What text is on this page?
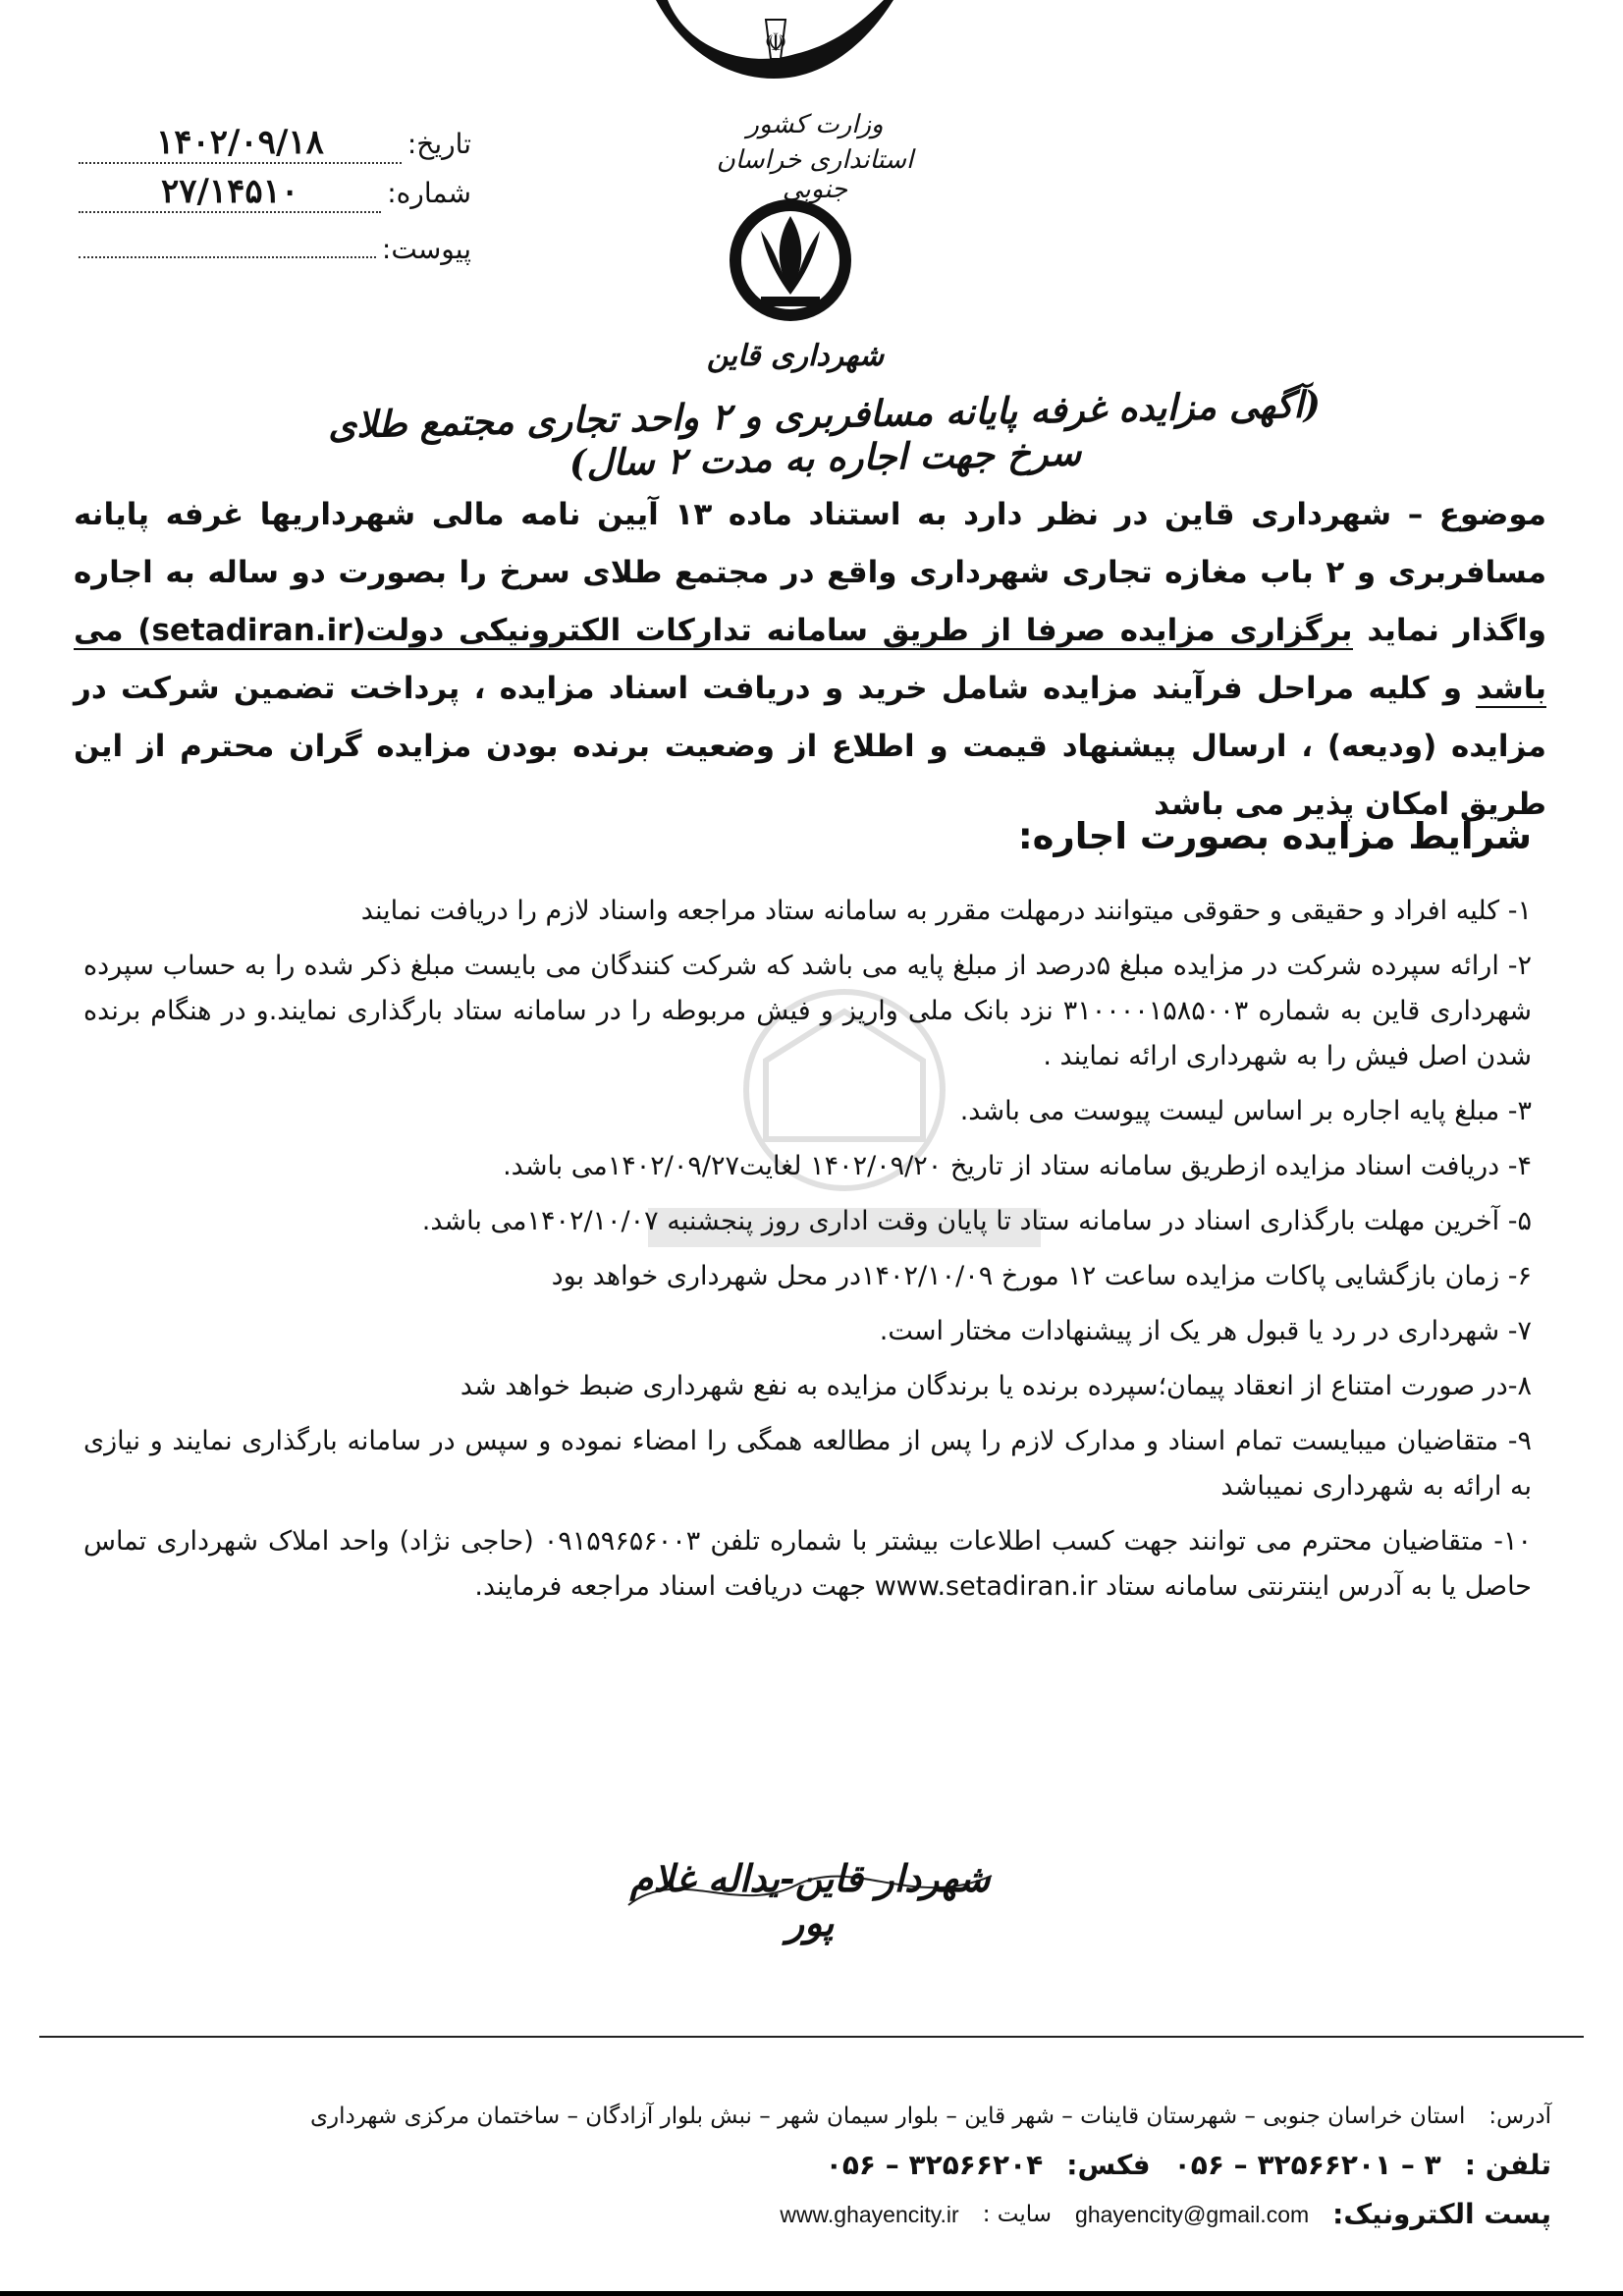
تاریخ:
۱۴۰۲/۰۹/۱۸
شماره:
۲۷/۱۴۵۱۰
پیوست:
☫
وزارت کشور
استانداری خراسان جنوبی
شهرداری قاین
(آگهی مزایده غرفه پایانه مسافربری و ۲ واحد تجاری مجتمع طلای سرخ جهت اجاره به مدت ۲ سال)
موضوع – شهرداری قاین در نظر دارد به استناد ماده ۱۳ آیین نامه مالی شهرداریها غرفه پایانه مسافربری و ۲ باب مغازه تجاری شهرداری واقع در مجتمع طلای سرخ را بصورت دو ساله به اجاره واگذار نماید برگزاری مزایده صرفا از طریق سامانه تدارکات الکترونیکی دولت(setadiran.ir) می باشد و کلیه مراحل فرآیند مزایده شامل خرید و دریافت اسناد مزایده ، پرداخت تضمین شرکت در مزایده (ودیعه) ، ارسال پیشنهاد قیمت و اطلاع از وضعیت برنده بودن مزایده گران محترم از این طریق امکان پذیر می باشد
شرایط مزایده بصورت اجاره:
۱- کلیه افراد و حقیقی و حقوقی میتوانند درمهلت مقرر به سامانه ستاد مراجعه واسناد لازم را دریافت نمایند
۲- ارائه سپرده شرکت در مزایده مبلغ ۵درصد از مبلغ پایه می باشد که شرکت کنندگان می بایست مبلغ ذکر شده را به حساب سپرده شهرداری قاین به شماره ۳۱۰۰۰۰۱۵۸۵۰۰۳ نزد بانک ملی واریز و فیش مربوطه را در سامانه ستاد بارگذاری نمایند.و در هنگام برنده شدن اصل فیش را به شهرداری ارائه نمایند .
۳- مبلغ پایه اجاره بر اساس لیست پیوست می باشد.
۴- دریافت اسناد مزایده ازطریق سامانه ستاد از تاریخ ۱۴۰۲/۰۹/۲۰ لغایت۱۴۰۲/۰۹/۲۷می باشد.
۵- آخرین مهلت بارگذاری اسناد در سامانه ستاد تا پایان وقت اداری روز پنجشنبه ۱۴۰۲/۱۰/۰۷می باشد.
۶- زمان بازگشایی پاکات مزایده ساعت ۱۲ مورخ ۱۴۰۲/۱۰/۰۹در محل شهرداری خواهد بود
۷- شهرداری در رد یا قبول هر یک از پیشنهادات مختار است.
۸-در صورت امتناع از انعقاد پیمان؛سپرده برنده یا برندگان مزایده به نفع شهرداری ضبط خواهد شد
۹- متقاضیان میبایست تمام اسناد و مدارک لازم را پس از مطالعه همگی را امضاء نموده و سپس در سامانه بارگذاری نمایند و نیازی به ارائه به شهرداری نمیباشد
۱۰- متقاضیان محترم می توانند جهت کسب اطلاعات بیشتر با شماره تلفن ۰۹۱۵۹۶۵۶۰۰۳ (حاجی نژاد) واحد املاک شهرداری تماس حاصل یا به آدرس اینترنتی سامانه ستاد www.setadiran.ir جهت دریافت اسناد مراجعه فرمایند.
شهردار قاین-یداله غلام پور
آدرس:
استان خراسان جنوبی – شهرستان قاینات – شهر قاین – بلوار سیمان شهر – نبش بلوار آزادگان – ساختمان مرکزی شهرداری
تلفن :
۳ – ۳۲۵۶۶۲۰۱ – ۰۵۶
فکس:
۳۲۵۶۶۲۰۴ – ۰۵۶
پست الکترونیک:
ghayencity@gmail.com
سایت :
www.ghayencity.ir
